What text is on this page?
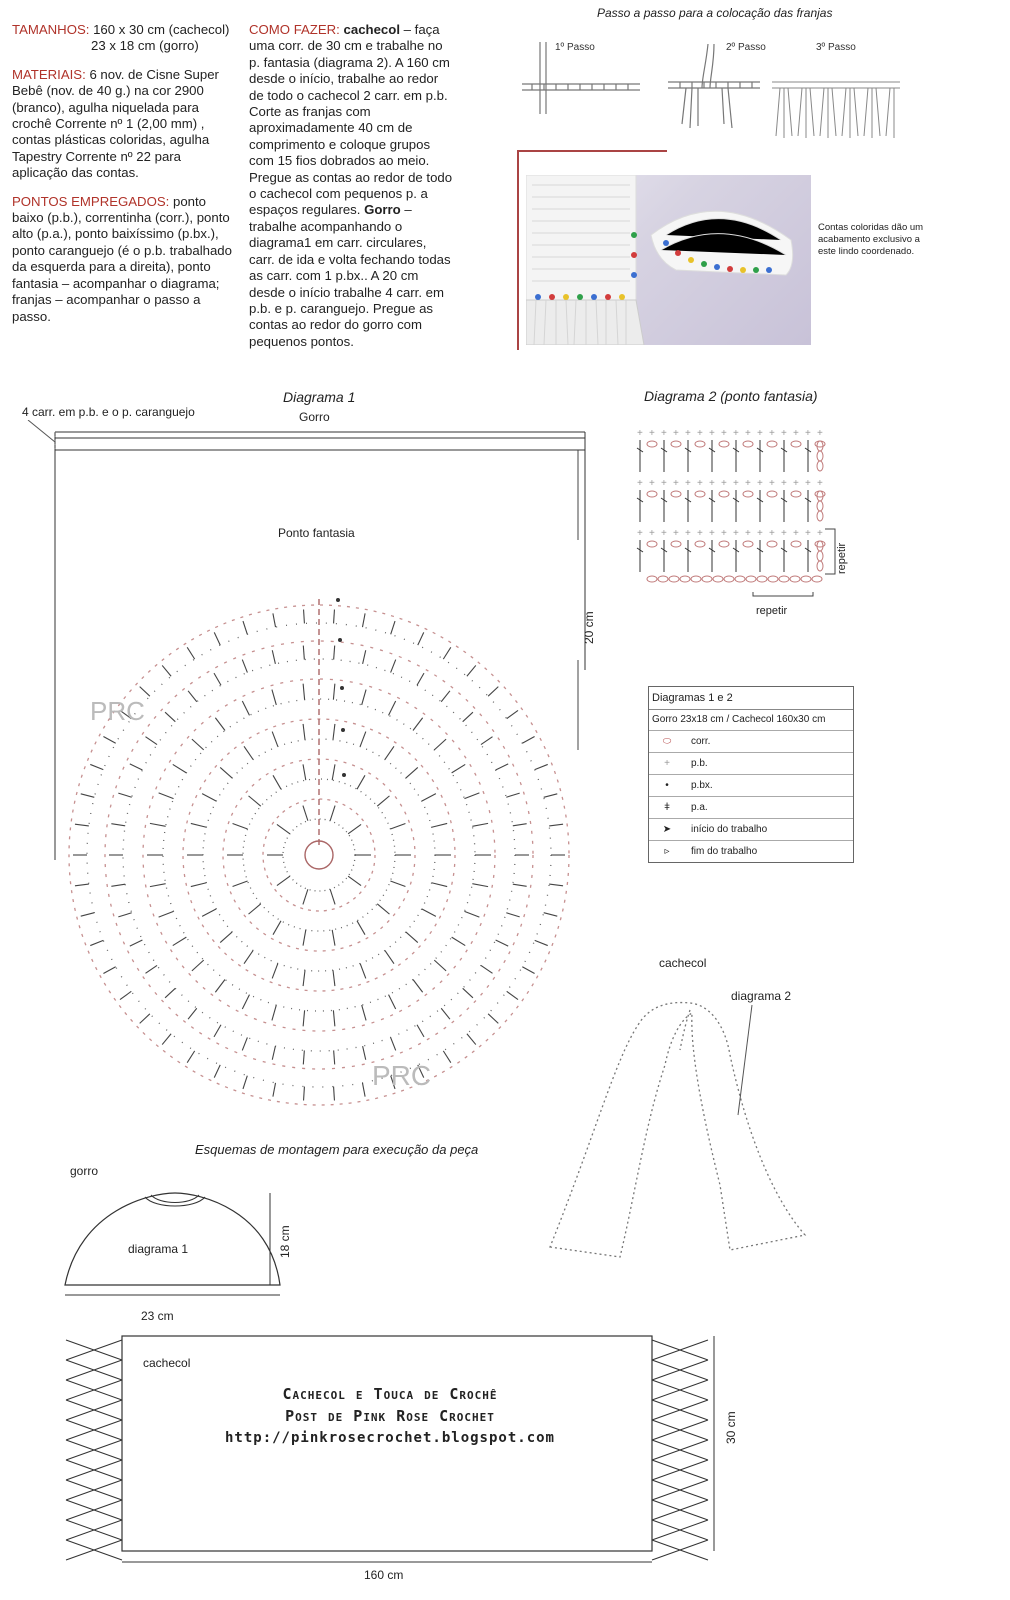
TAMANHOS: 160 x 30 cm (cachecol)
23 x 18 cm (gorro)

MATERIAIS: 6 nov. de Cisne Super Bebê (nov. de 40 g.) na cor 2900 (branco), agulha niquelada para crochê Corrente nº 1 (2,00 mm) , contas plásticas coloridas, agulha Tapestry Corrente nº 22 para aplicação das contas.

PONTOS EMPREGADOS: ponto baixo (p.b.), correntinha (corr.), ponto alto (p.a.), ponto baixíssimo (p.bx.), ponto caranguejo (é o p.b. trabalhado da esquerda para a direita), ponto fantasia – acompanhar o diagrama; franjas – acompanhar o passo a passo.

COMO FAZER: cachecol – faça uma corr. de 30 cm e trabalhe no p. fantasia (diagrama 2). A 160 cm desde o início, trabalhe ao redor de todo o cachecol 2 carr. em p.b. Corte as franjas com aproximadamente 40 cm de comprimento e coloque grupos com 15 fios dobrados ao meio. Pregue as contas ao redor de todo o cachecol com pequenos p. a espaços regulares. Gorro – trabalhe acompanhando o diagrama1 em carr. circulares, carr. de ida e volta fechando todas as carr. com 1 p.bx.. A 20 cm desde o início trabalhe 4 carr. em p.b. e p. caranguejo. Pregue as contas ao redor do gorro com pequenos pontos.

Passo a passo para a colocação das franjas
1º Passo	2º Passo	3º Passo
Contas coloridas dão um acabamento exclusivo a este lindo coordenado.
Diagrama 1
Gorro
4 carr. em p.b. e o p. caranguejo
Ponto fantasia
20 cm
PRC
PRC
Diagrama 2 (ponto fantasia)
+ + + + + + + + + + + + + + + +
+ + + + + + + + + + + + + + + +
+ + + + + + + + + + + + + + + +
repetir
repetir
Diagramas 1 e 2
Gorro 23x18 cm / Cachecol 160x30 cm
⬭	corr.
+	p.b.
•	p.bx.
ǂ	p.a.
➤	início do trabalho
▹	fim do trabalho
cachecol
diagrama 2
Esquemas de montagem para execução da peça
gorro
diagrama 1	18 cm
23 cm
cachecol
30 cm
160 cm
Cachecol e Touca de Crochê
Post de Pink Rose Crochet
http://pinkrosecrochet.blogspot.com
